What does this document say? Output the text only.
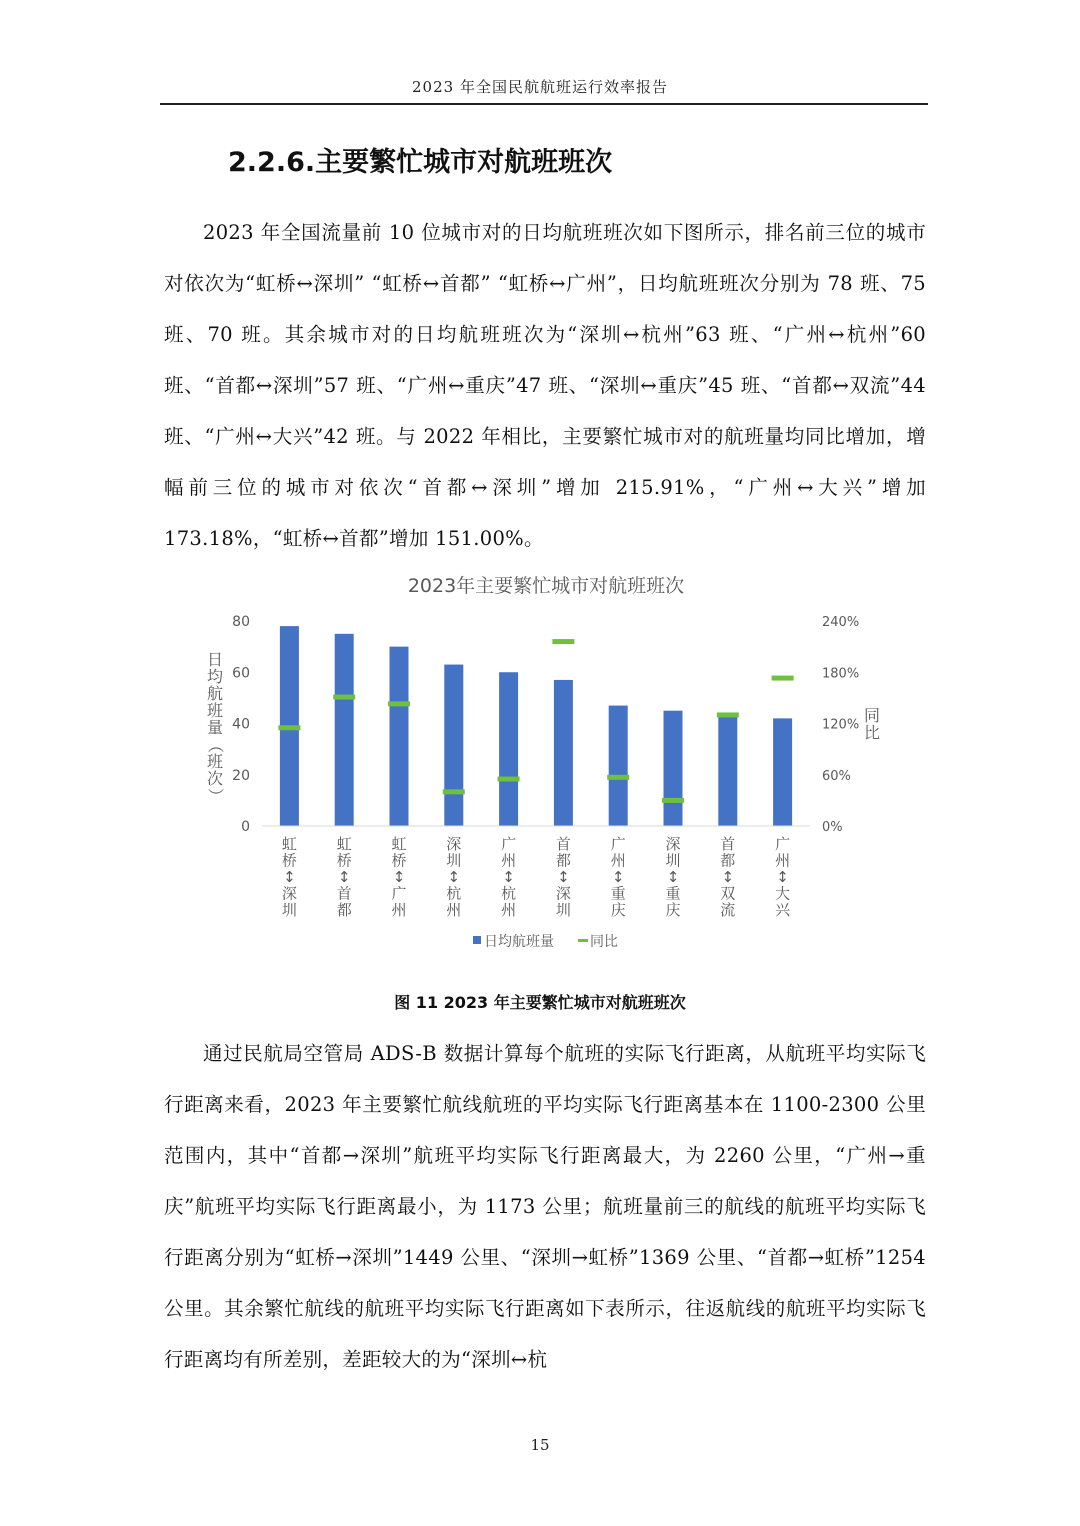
2023 年全国民航航班运行效率报告
2.2.6.主要繁忙城市对航班班次

2023 年全国流量前 10 位城市对的日均航班班次如下图所示，排名前三位的城市对依次为“虹桥↔深圳” “虹桥↔首都” “虹桥↔广州”，日均航班班次分别为 78 班、75 班、70 班。其余城市对的日均航班班次为“深圳↔杭州”63 班、“广州↔杭州”60 班、“首都↔深圳”57 班、“广州↔重庆”47 班、“深圳↔重庆”45 班、“首都↔双流”44 班、“广州↔大兴”42 班。与 2022 年相比，主要繁忙城市对的航班量均同比增加，增幅前三位的城市对依次“首都↔深圳”增加 215.91%，“广州↔大兴”增加 173.18%，“虹桥↔首都”增加 151.00%。

2023年主要繁忙城市对航班班次
日
均
航
班
量
（
班
次
）
同
比
0
20
40
60
80
0%
60%
120%
180%
240%
虹
桥
↕
深
圳
虹
桥
↕
首
都
虹
桥
↕
广
州
深
圳
↕
杭
州
广
州
↕
杭
州
首
都
↕
深
圳
广
州
↕
重
庆
深
圳
↕
重
庆
首
都
↕
双
流
广
州
↕
大
兴
日均航班量	同比
图 11 2023 年主要繁忙城市对航班班次

通过民航局空管局 ADS-B 数据计算每个航班的实际飞行距离，从航班平均实际飞行距离来看，2023 年主要繁忙航线航班的平均实际飞行距离基本在 1100-2300 公里范围内，其中“首都→深圳”航班平均实际飞行距离最大，为 2260 公里，“广州→重庆”航班平均实际飞行距离最小，为 1173 公里；航班量前三的航线的航班平均实际飞行距离分别为“虹桥→深圳”1449 公里、“深圳→虹桥”1369 公里、“首都→虹桥”1254 公里。其余繁忙航线的航班平均实际飞行距离如下表所示，往返航线的航班平均实际飞行距离均有所差别，差距较大的为“深圳↔杭

15
